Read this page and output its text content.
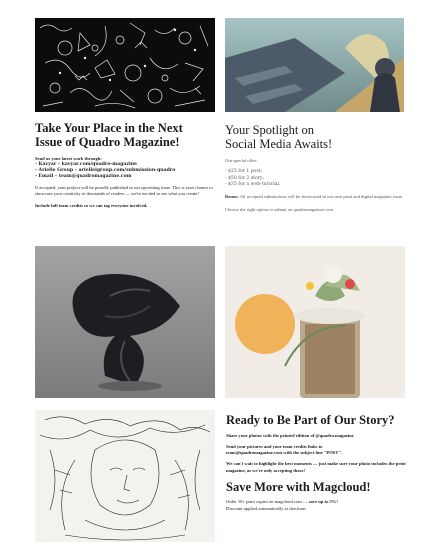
Take Your Place in the Next
Issue of Quadro Magazine!

Send us your latest work through:

- Kavyar – kavyar.com/quadro-magazine
- Arielle Group – arielleigroup.com/submission-quadro
- Email – team@quadromagazine.com

If accepted, your project will be proudly published in our upcoming issue. This is your chance to showcase your creativity to thousands of readers — we're excited to see what you create!

Include full team credits so we can tag everyone involved.

Your Spotlight on
Social Media Awaits!

Our special offer:

- $25 for 1 post;
- $50 for 2 story;
- $35 for a web-tutorial.

Bonus: All accepted submissions will be showcased in our next print and digital magazine issue.

Choose the right option to submit on quadromagazine.com .

Ready to Be Part of Our Story?

Share your photos with the printed edition of @quadro.magazine

Send your pictures and your team credits links to
team@quadromagazine.com with the subject line "POST".

We can't wait to highlight the best moments — just make sure your photo includes the print magazine, as we're only accepting those!

Save More with Magcloud!

Order 10+ print copies on magcloud.com — save up to 5%!
Discount applied automatically at checkout.
